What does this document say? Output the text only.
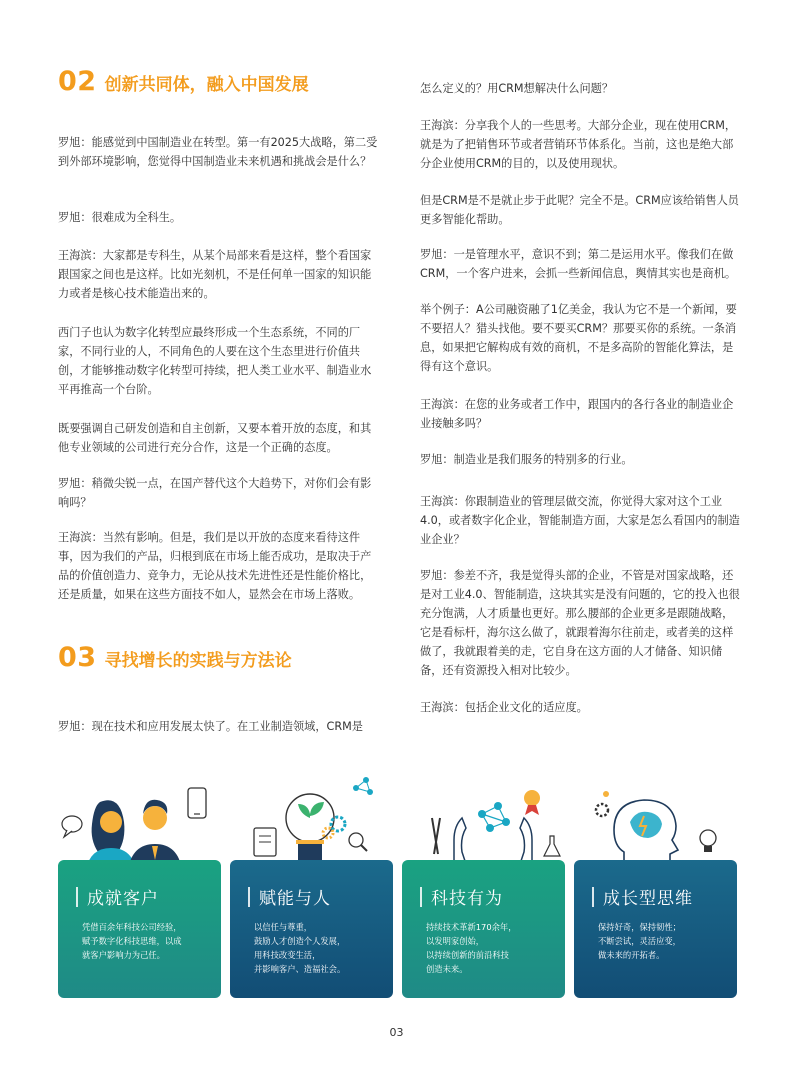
02 创新共同体，融入中国发展

罗旭：能感觉到中国制造业在转型。第一有2025大战略，第二受到外部环境影响，您觉得中国制造业未来机遇和挑战会是什么？

罗旭：很难成为全科生。

王海滨：大家都是专科生，从某个局部来看是这样，整个看国家跟国家之间也是这样。比如光刻机，不是任何单一国家的知识能力或者是核心技术能造出来的。

西门子也认为数字化转型应最终形成一个生态系统，不同的厂家，不同行业的人，不同角色的人要在这个生态里进行价值共创，才能够推动数字化转型可持续，把人类工业水平、制造业水平再推高一个台阶。

既要强调自己研发创造和自主创新，又要本着开放的态度，和其他专业领域的公司进行充分合作，这是一个正确的态度。

罗旭：稍微尖锐一点，在国产替代这个大趋势下，对你们会有影响吗？

王海滨：当然有影响。但是，我们是以开放的态度来看待这件事，因为我们的产品，归根到底在市场上能否成功，是取决于产品的价值创造力、竞争力，无论从技术先进性还是性能价格比，还是质量，如果在这些方面技不如人，显然会在市场上落败。

03 寻找增长的实践与方法论

罗旭：现在技术和应用发展太快了。在工业制造领域，CRM是

怎么定义的？用CRM想解决什么问题？

王海滨：分享我个人的一些思考。大部分企业，现在使用CRM，就是为了把销售环节或者营销环节体系化。当前，这也是绝大部分企业使用CRM的目的，以及使用现状。

但是CRM是不是就止步于此呢？完全不是。CRM应该给销售人员更多智能化帮助。

罗旭：一是管理水平，意识不到；第二是运用水平。像我们在做CRM，一个客户进来，会抓一些新闻信息，舆情其实也是商机。

举个例子：A公司融资融了1亿美金，我认为它不是一个新闻，要不要招人？猎头找他。要不要买CRM？那要买你的系统。一条消息，如果把它解构成有效的商机，不是多高阶的智能化算法，是得有这个意识。

王海滨：在您的业务或者工作中，跟国内的各行各业的制造业企业接触多吗？

罗旭：制造业是我们服务的特别多的行业。

王海滨：你跟制造业的管理层做交流，你觉得大家对这个工业4.0，或者数字化企业，智能制造方面，大家是怎么看国内的制造业企业？

罗旭：参差不齐，我是觉得头部的企业，不管是对国家战略，还是对工业4.0、智能制造，这块其实是没有问题的，它的投入也很充分饱满，人才质量也更好。那么腰部的企业更多是跟随战略，它是看标杆，海尔这么做了，就跟着海尔往前走，或者美的这样做了，我就跟着美的走，它自身在这方面的人才储备、知识储备，还有资源投入相对比较少。

王海滨：包括企业文化的适应度。

成就客户
凭借百余年科技公司经验，
赋予数字化科技思维，以成
就客户影响力为己任。
赋能与人
以信任与尊重，
鼓励人才创造个人发展，
用科技改变生活，
并影响客户、造福社会。
科技有为
持续技术革新170余年，
以发明家创始，
以持续创新的前沿科技
创造未来。
成长型思维
保持好奇，保持韧性；
不断尝试，灵活应变，
做未来的开拓者。
03
